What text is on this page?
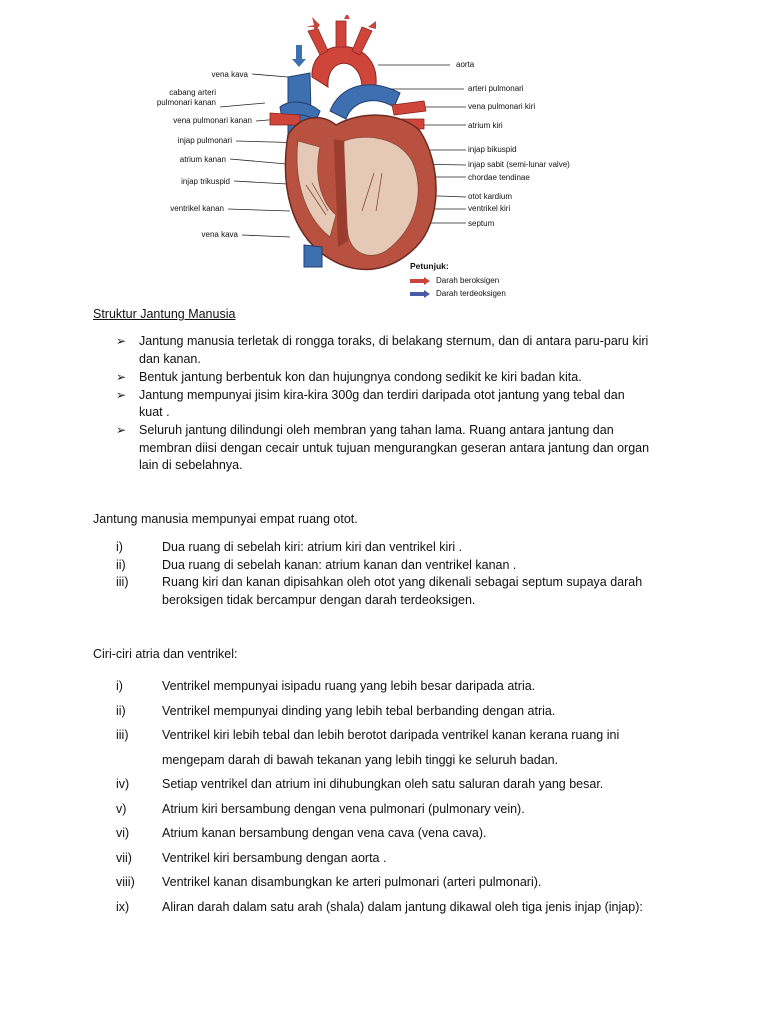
vena kava
cabang arteri
pulmonari kanan
vena pulmonari kanan
injap pulmonari
atrium kanan
injap trikuspid
ventrikel kanan
vena kava
aorta
arteri pulmonari
vena pulmonari kiri
atrium kiri
injap bikuspid
injap sabit (semi-lunar valve)
chordae tendinae
otot kardium
ventrikel kiri
septum
Petunjuk:
Darah beroksigen
Darah terdeoksigen
Struktur Jantung Manusia
➢ Jantung manusia terletak di rongga toraks, di belakang sternum, dan di antara paru-paru kiri
dan kanan.
➢ Bentuk jantung berbentuk kon dan hujungnya condong sedikit ke kiri badan kita.
➢ Jantung mempunyai jisim kira-kira 300g dan terdiri daripada otot jantung yang tebal dan
kuat .
➢ Seluruh jantung dilindungi oleh membran yang tahan lama. Ruang antara jantung dan
membran diisi dengan cecair untuk tujuan mengurangkan geseran antara jantung dan organ
lain di sebelahnya.
Jantung manusia mempunyai empat ruang otot.
i)	Dua ruang di sebelah kiri: atrium kiri dan ventrikel kiri .
ii)	Dua ruang di sebelah kanan: atrium kanan dan ventrikel kanan .
iii)	Ruang kiri dan kanan dipisahkan oleh otot yang dikenali sebagai septum supaya darah
beroksigen tidak bercampur dengan darah terdeoksigen.
Ciri-ciri atria dan ventrikel:
i)	Ventrikel mempunyai isipadu ruang yang lebih besar daripada atria.
ii)	Ventrikel mempunyai dinding yang lebih tebal berbanding dengan atria.
iii)	Ventrikel kiri lebih tebal dan lebih berotot daripada ventrikel kanan kerana ruang ini
mengepam darah di bawah tekanan yang lebih tinggi ke seluruh badan.
iv)	Setiap ventrikel dan atrium ini dihubungkan oleh satu saluran darah yang besar.
v)	Atrium kiri bersambung dengan vena pulmonari (pulmonary vein).
vi)	Atrium kanan bersambung dengan vena cava (vena cava).
vii) Ventrikel kiri bersambung dengan aorta .
viii) Ventrikel kanan disambungkan ke arteri pulmonari (arteri pulmonari).
ix)	Aliran darah dalam satu arah (shala) dalam jantung dikawal oleh tiga jenis injap (injap):
